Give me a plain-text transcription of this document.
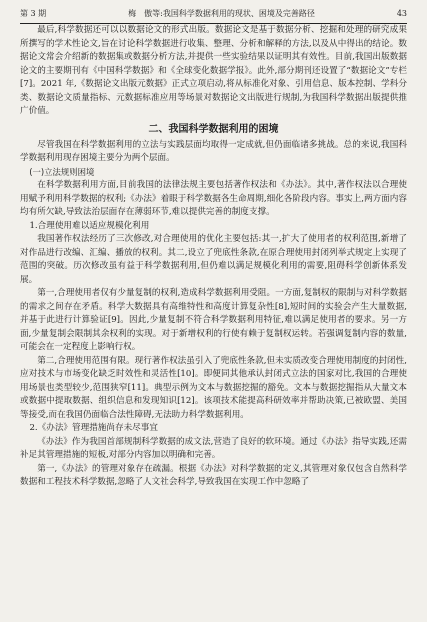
第 3 期	梅　傲等:我国科学数据利用的现状、困境及完善路径	43

最后,科学数据还可以以数据论文的形式出版。数据论文是基于数据分析、挖掘和处理的研究成果所撰写的学术性论文,旨在讨论科学数据进行收集、整理、分析和解释的方法,以及从中得出的结论。数据论文常会介绍新的数据集或数据分析方法,并提供一些实验结果以证明其有效性。目前,我国出版数据论文的主要期刊有《中国科学数据》和《全球变化数据学报》。此外,部分期刊还设置了“数据论文”专栏[7]。2021 年,《数据论文出版元数据》正式立项启动,将从标准化对象、引用信息、版本控制、学科分类、数据论文质量指标、元数据标准应用等场景对数据论文出版进行规制,为我国科学数据出版提供推广价值。

二、我国科学数据利用的困境

尽管我国在科学数据利用的立法与实践层面均取得一定成就,但仍面临诸多挑战。总的来说,我国科学数据利用现存困境主要分为两个层面。

(一)立法规则困境

在科学数据利用方面,目前我国的法律法规主要包括著作权法和《办法》。其中,著作权法以合理使用赋予利用科学数据的权利;《办法》着眼于科学数据各生命周期,细化各阶段内容。事实上,两方面内容均有所欠缺,导致法治层面存在薄弱环节,难以提供完善的制度支撑。

1.合理使用难以适应规模化利用

我国著作权法经历了三次修改,对合理使用的优化主要包括:其一,扩大了使用者的权利范围,新增了对作品进行改编、汇编、播放的权利。其二,设立了兜底性条款,在原合理使用封闭列举式规定上实现了范围的突破。历次修改虽有益于科学数据利用,但仍难以满足规模化利用的需要,阻碍科学创新体系发展。

第一,合理使用者仅有少量复制的权利,造成科学数据利用受阻。一方面,复制权的限制与对科学数据的需求之间存在矛盾。科学大数据具有高维特性和高度计算复杂性[8],短时间的实验会产生大量数据,并基于此进行计算验证[9]。因此,少量复制不符合科学数据利用特征,难以满足使用者的要求。另一方面,少量复制会限制其余权利的实现。对于新增权利的行使有赖于复制权运转。若强调复制内容的数量,可能会在一定程度上影响行权。

第二,合理使用范围有限。现行著作权法虽引入了兜底性条款,但未实质改变合理使用制度的封闭性,应对技术与市场变化缺乏时效性和灵活性[10]。即便同其他承认封闭式立法的国家对比,我国的合理使用场景也类型较少,范围狭窄[11]。典型示例为文本与数据挖掘的豁免。文本与数据挖掘指从大量文本或数据中提取数据、组织信息和发现知识[12]。该项技术能提高科研效率并帮助决策,已被欧盟、美国等接受,而在我国仍面临合法性障碍,无法助力科学数据利用。

2.《办法》管理措施尚存未尽事宜

《办法》作为我国首部规制科学数据的成文法,营造了良好的软环境。通过《办法》指导实践,还需补足其管理措施的短板,对部分内容加以明确和完善。

第一,《办法》的管理对象存在疏漏。根据《办法》对科学数据的定义,其管理对象仅包含自然科学数据和工程技术科学数据,忽略了人文社会科学,导致我国在实现工作中忽略了
